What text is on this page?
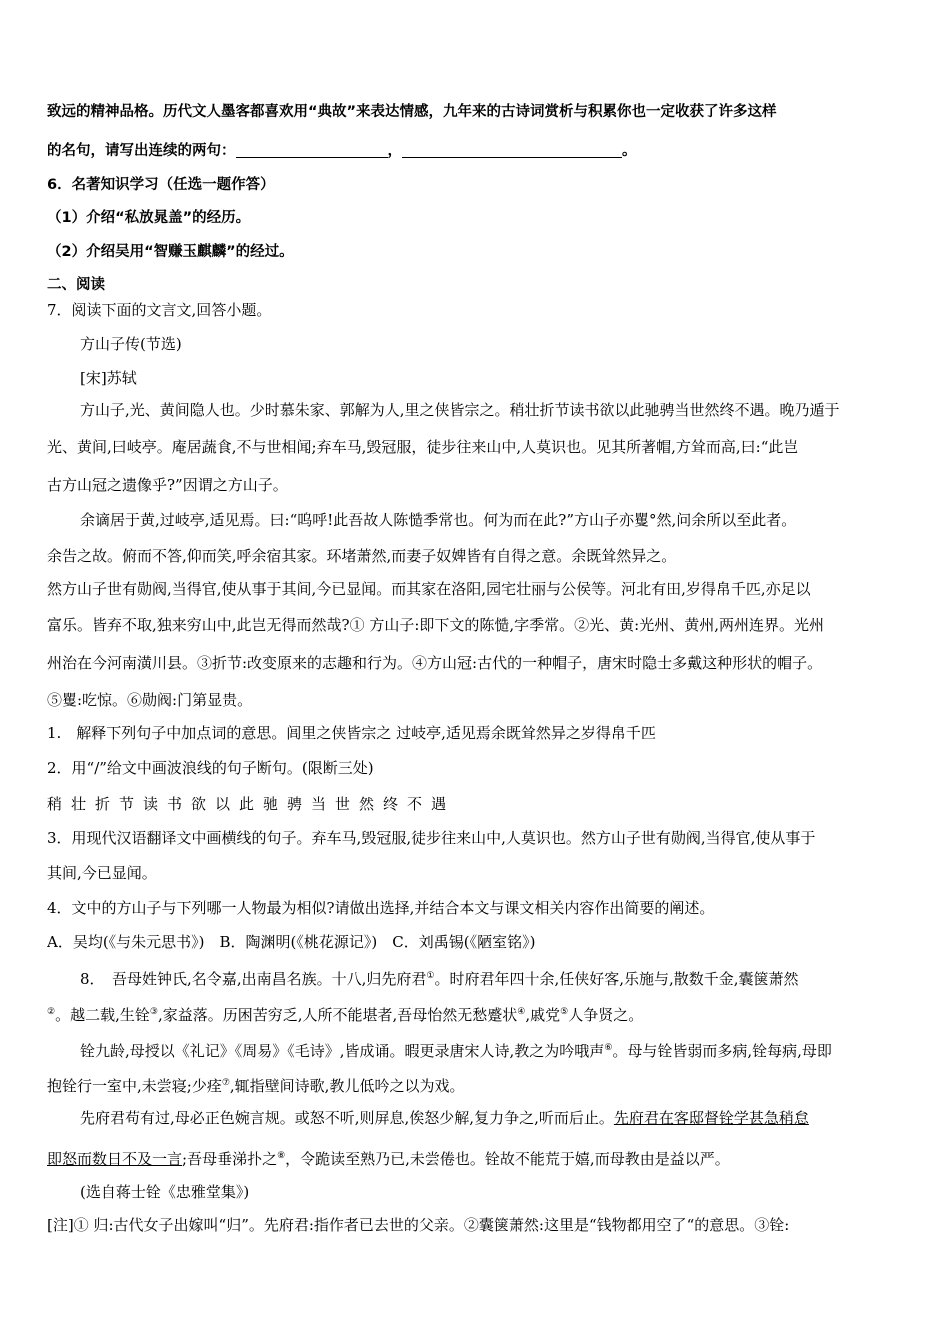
致远的精神品格。历代文人墨客都喜欢用“典故”来表达情感，九年来的古诗词赏析与积累你也一定收获了许多这样
的名句，请写出连续的两句：	，	。
6．名著知识学习（任选一题作答）
（1）介绍“私放晁盖”的经历。
（2）介绍吴用“智赚玉麒麟”的经过。
二、阅读
7．阅读下面的文言文,回答小题。
方山子传(节选)
[宋]苏轼
方山子,光、黄间隐人也。少时慕朱家、郭解为人,里之侠皆宗之。稍壮折节读书欲以此驰骋当世然终不遇。晚乃遁于
光、黄间,曰岐亭。庵居蔬食,不与世相闻;弃车马,毁冠服，徒步往来山中,人莫识也。见其所著帽,方耸而高,曰:“此岂
古方山冠之遗像乎?”因谓之方山子。
余谪居于黄,过岐亭,适见焉。曰:“呜呼!此吾故人陈慥季常也。何为而在此?”方山子亦矍°然,问余所以至此者。
余告之故。俯而不答,仰而笑,呼余宿其家。环堵萧然,而妻子奴婢皆有自得之意。余既耸然异之。
然方山子世有勋阀,当得官,使从事于其间,今已显闻。而其家在洛阳,园宅壮丽与公侯等。河北有田,岁得帛千匹,亦足以
富乐。皆弃不取,独来穷山中,此岂无得而然哉?① 方山子:即下文的陈慥,字季常。②光、黄:光州、黄州,两州连界。光州
州治在今河南潢川县。③折节:改变原来的志趣和行为。④方山冠:古代的一种帽子，唐宋时隐士多戴这种形状的帽子。
⑤矍:吃惊。⑥勋阀:门第显贵。
1.　解释下列句子中加点词的意思。闾里之侠皆宗之 过岐亭,适见焉余既耸然异之岁得帛千匹
2．用“/”给文中画波浪线的句子断句。(限断三处)
稍壮折节读书欲以此驰骋当世然终不遇
3．用现代汉语翻译文中画横线的句子。弃车马,毁冠服,徒步往来山中,人莫识也。然方山子世有勋阀,当得官,使从事于
其间,今已显闻。
4．文中的方山子与下列哪一人物最为相似?请做出选择,并结合本文与课文相关内容作出简要的阐述。
A．吴均(《与朱元思书》)　B．陶渊明(《桃花源记》)　C．刘禹锡(《陋室铭》)
8．　吾母姓钟氏,名令嘉,出南昌名族。十八,归先府君①。时府君年四十余,任侠好客,乐施与,散数千金,囊箧萧然
②。越二载,生铨③,家益落。历困苦穷乏,人所不能堪者,吾母怡然无愁蹙状④,戚党⑤人争贤之。
铨九龄,母授以《礼记》《周易》《毛诗》,皆成诵。暇更录唐宋人诗,教之为吟哦声⑥。母与铨皆弱而多病,铨每病,母即
抱铨行一室中,未尝寝;少痊⑦,辄指壁间诗歌,教儿低吟之以为戏。
先府君苟有过,母必正色婉言规。或怒不听,则屏息,俟怒少解,复力争之,听而后止。先府君在客邸督铨学甚急稍怠
即怒而数日不及一言;吾母垂涕扑之⑧，令跪读至熟乃已,未尝倦也。铨故不能荒于嬉,而母教由是益以严。
(选自蒋士铨《忠雅堂集》)
[注]① 归:古代女子出嫁叫“归”。先府君:指作者已去世的父亲。②囊箧萧然:这里是“钱物都用空了“的意思。③铨:
